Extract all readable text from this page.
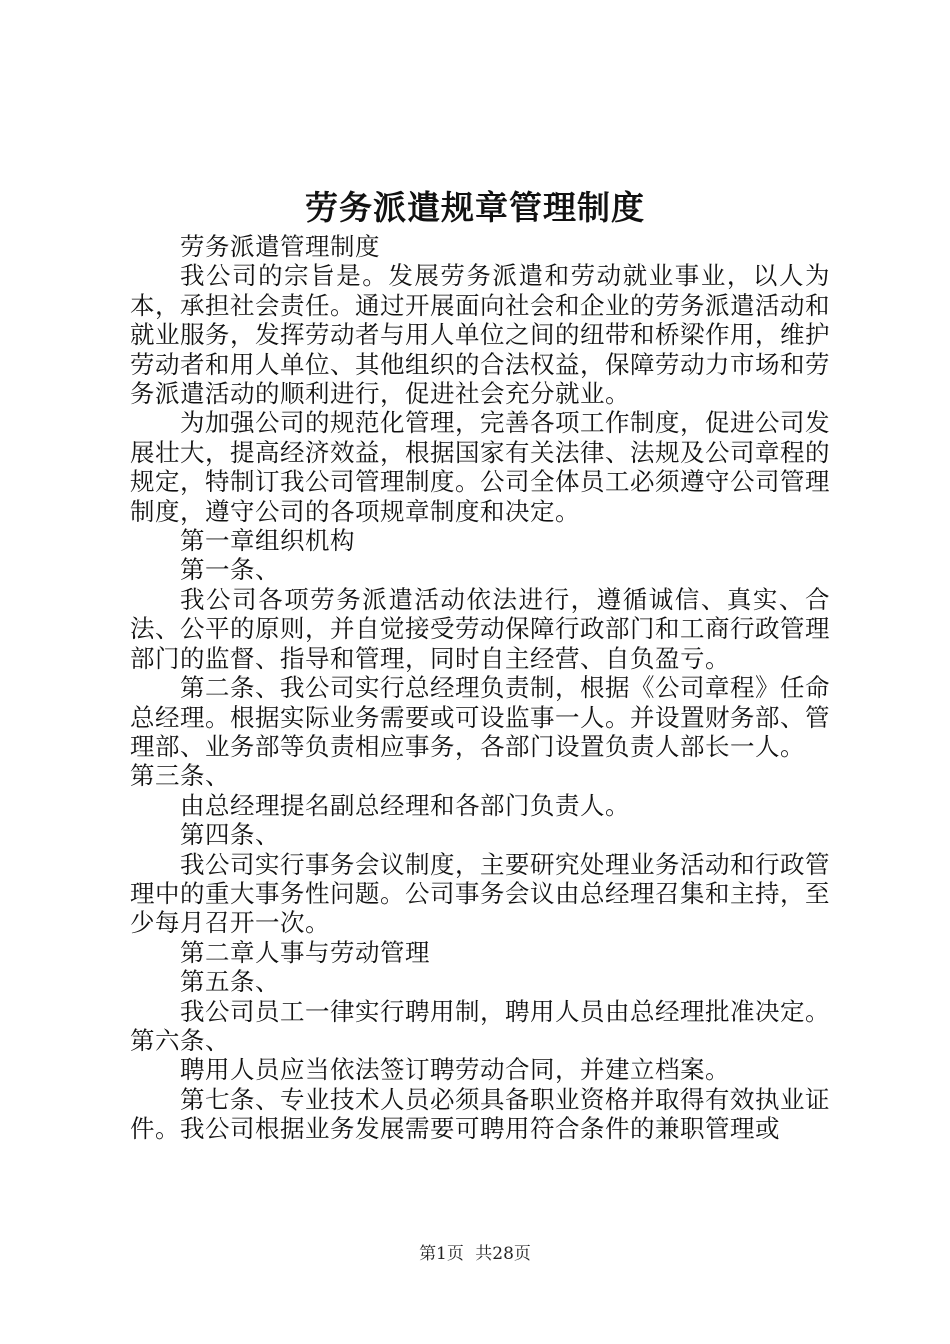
劳务派遣规章管理制度

劳务派遣管理制度

我公司的宗旨是。发展劳务派遣和劳动就业事业，以人为本，承担社会责任。通过开展面向社会和企业的劳务派遣活动和就业服务，发挥劳动者与用人单位之间的纽带和桥梁作用，维护劳动者和用人单位、其他组织的合法权益，保障劳动力市场和劳务派遣活动的顺利进行，促进社会充分就业。

为加强公司的规范化管理，完善各项工作制度，促进公司发展壮大，提高经济效益，根据国家有关法律、法规及公司章程的规定，特制订我公司管理制度。公司全体员工必须遵守公司管理制度，遵守公司的各项规章制度和决定。

第一章组织机构

第一条、

我公司各项劳务派遣活动依法进行，遵循诚信、真实、合法、公平的原则，并自觉接受劳动保障行政部门和工商行政管理部门的监督、指导和管理，同时自主经营、自负盈亏。

第二条、我公司实行总经理负责制，根据《公司章程》任命总经理。根据实际业务需要或可设监事一人。并设置财务部、管理部、业务部等负责相应事务，各部门设置负责人部长一人。

第三条、

由总经理提名副总经理和各部门负责人。

第四条、

我公司实行事务会议制度，主要研究处理业务活动和行政管理中的重大事务性问题。公司事务会议由总经理召集和主持，至少每月召开一次。

第二章人事与劳动管理

第五条、

我公司员工一律实行聘用制，聘用人员由总经理批准决定。

第六条、

聘用人员应当依法签订聘劳动合同，并建立档案。

第七条、专业技术人员必须具备职业资格并取得有效执业证件。我公司根据业务发展需要可聘用符合条件的兼职管理或

第1页 共28页
